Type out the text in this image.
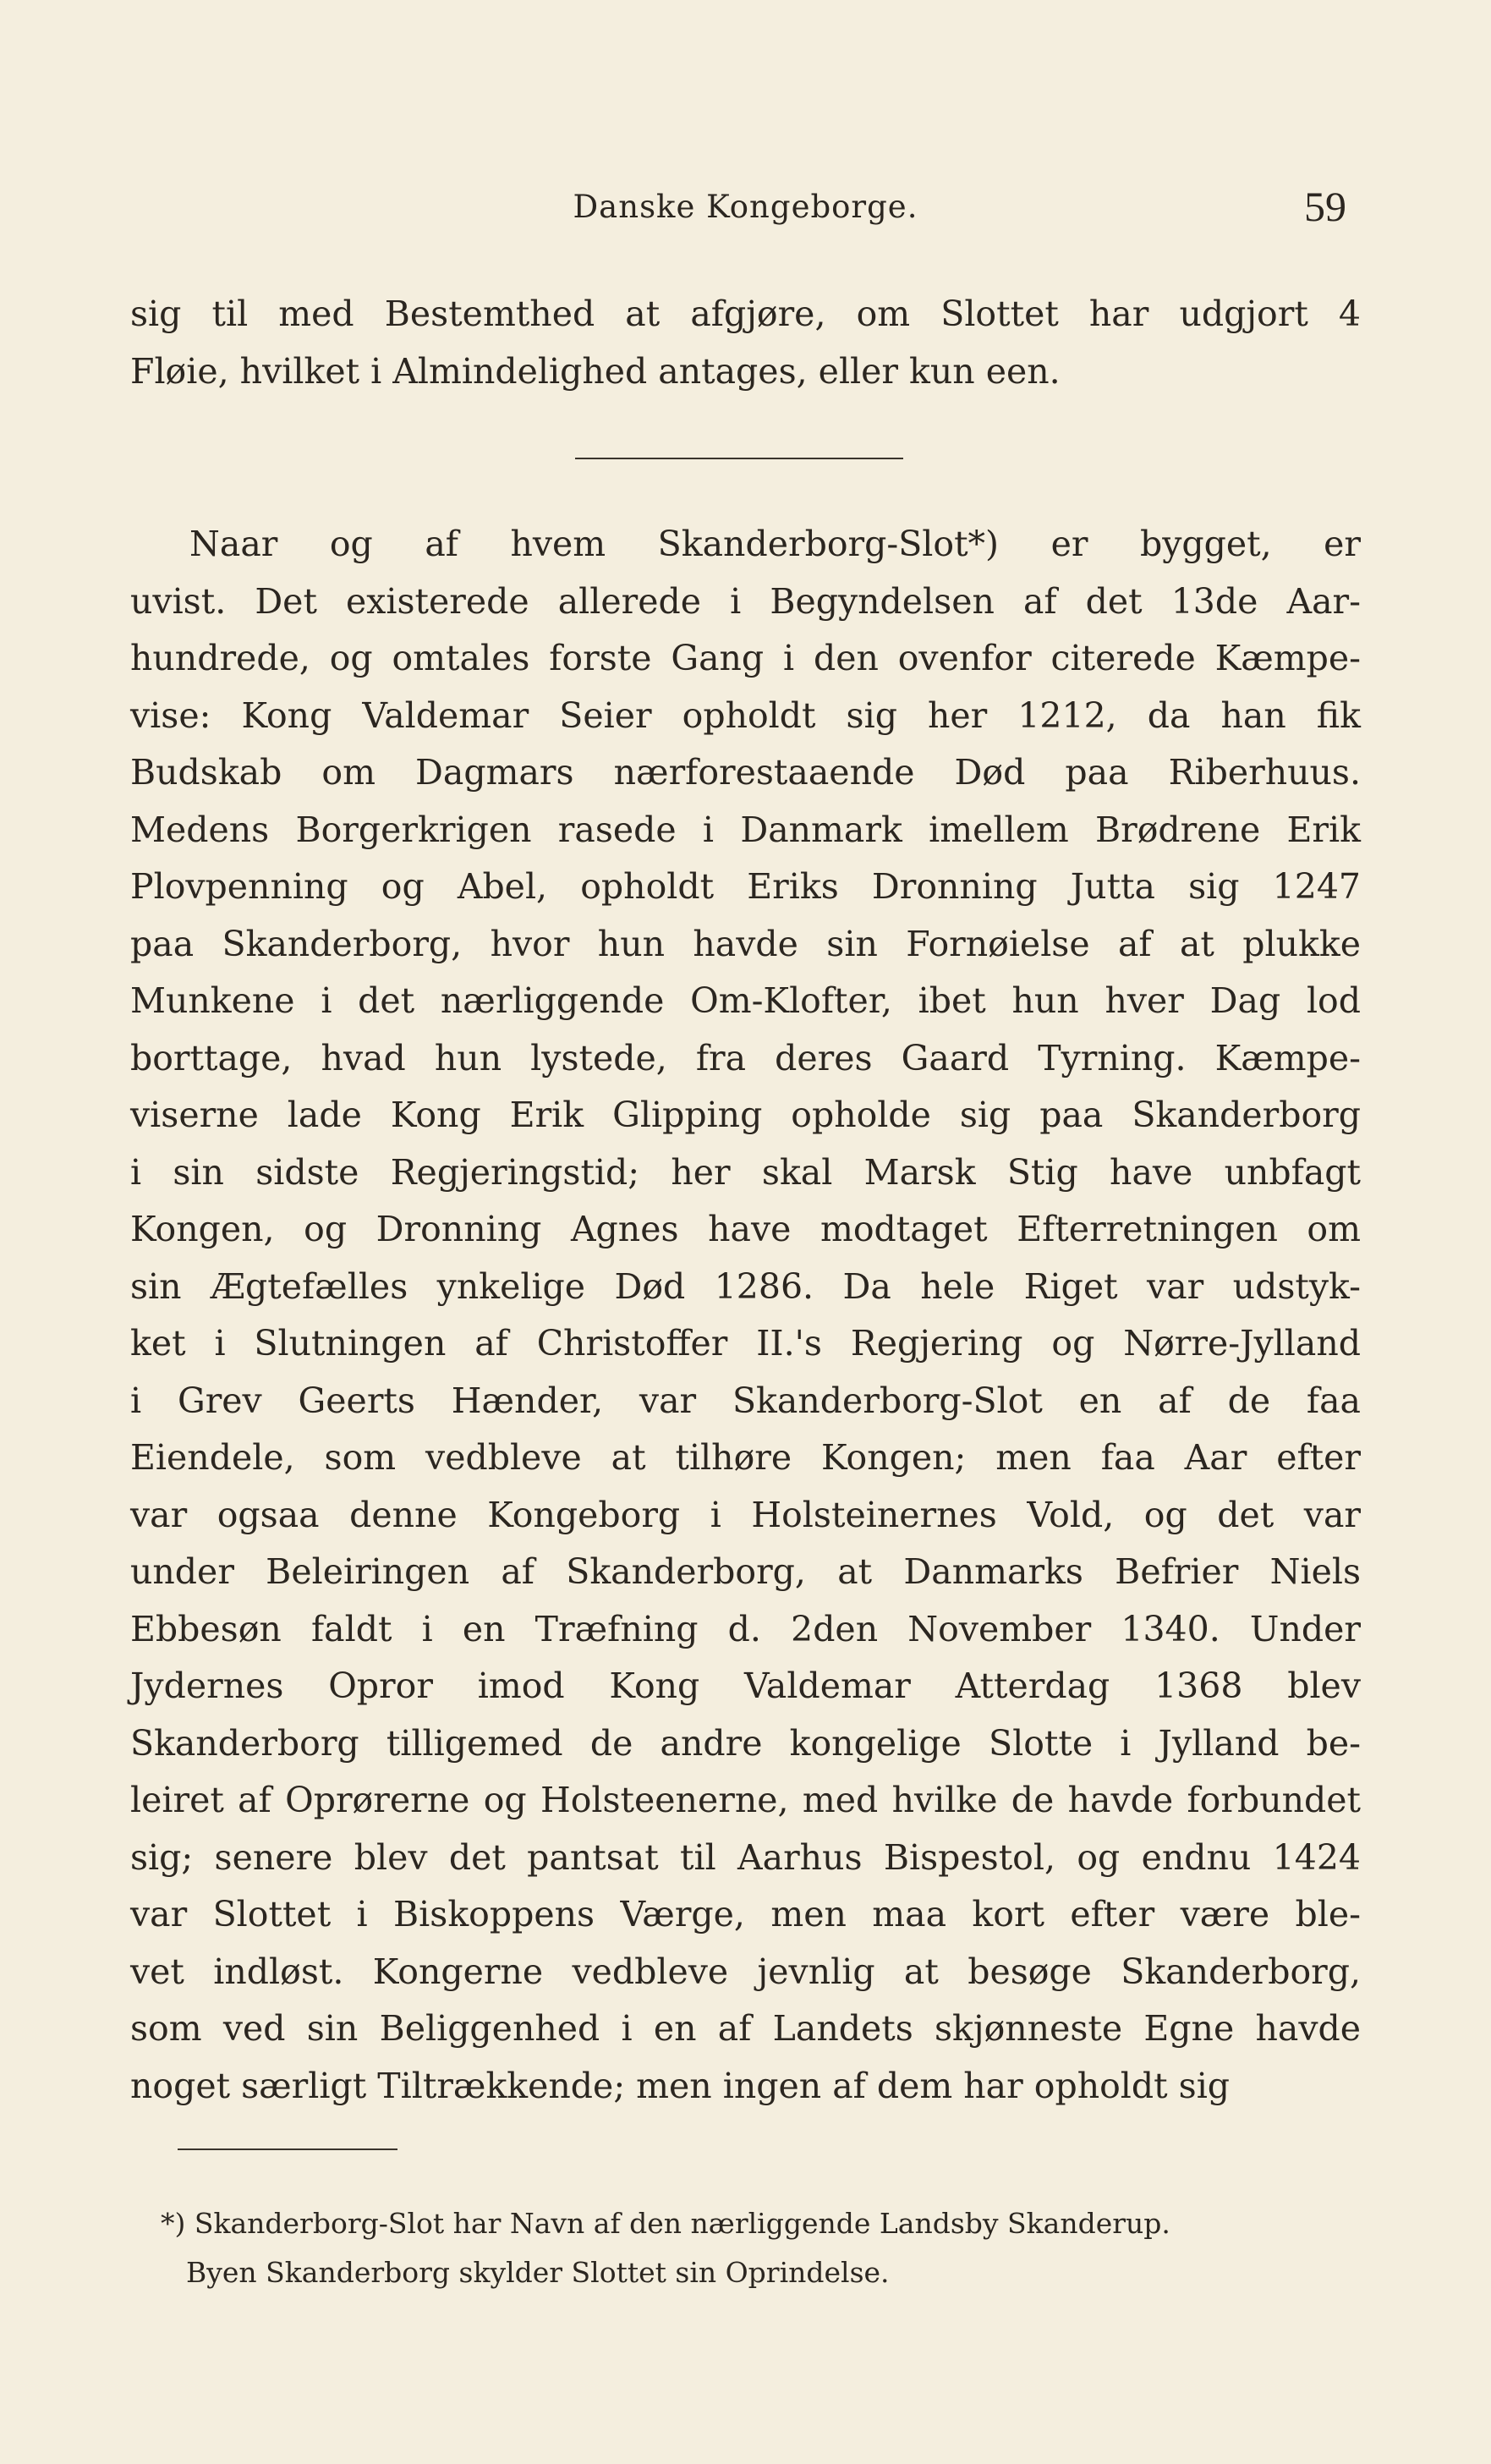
Danske Kongeborge.	59
sig til med Bestemthed at afgjøre, om Slottet har udgjort 4
Fløie, hvilket i Almindelighed antages, eller kun een.
Naar og af hvem Skanderborg-Slot*) er bygget, er
uvist. Det existerede allerede i Begyndelsen af det 13de Aar-
hundrede, og omtales forste Gang i den ovenfor citerede Kæmpe-
vise: Kong Valdemar Seier opholdt sig her 1212, da han fik
Budskab om Dagmars nærforestaaende Død paa Riberhuus.
Medens Borgerkrigen rasede i Danmark imellem Brødrene Erik
Plovpenning og Abel, opholdt Eriks Dronning Jutta sig 1247
paa Skanderborg, hvor hun havde sin Fornøielse af at plukke
Munkene i det nærliggende Om-Klofter, ibet hun hver Dag lod
borttage, hvad hun lystede, fra deres Gaard Tyrning. Kæmpe-
viserne lade Kong Erik Glipping opholde sig paa Skanderborg
i sin sidste Regjeringstid; her skal Marsk Stig have unbfagt
Kongen, og Dronning Agnes have modtaget Efterretningen om
sin Ægtefælles ynkelige Død 1286. Da hele Riget var udstyk-
ket i Slutningen af Christoffer II.'s Regjering og Nørre-Jylland
i Grev Geerts Hænder, var Skanderborg-Slot en af de faa
Eiendele, som vedbleve at tilhøre Kongen; men faa Aar efter
var ogsaa denne Kongeborg i Holsteinernes Vold, og det var
under Beleiringen af Skanderborg, at Danmarks Befrier Niels
Ebbesøn faldt i en Træfning d. 2den November 1340. Under
Jydernes Opror imod Kong Valdemar Atterdag 1368 blev
Skanderborg tilligemed de andre kongelige Slotte i Jylland be-
leiret af Oprørerne og Holsteenerne, med hvilke de havde forbundet
sig; senere blev det pantsat til Aarhus Bispestol, og endnu 1424
var Slottet i Biskoppens Værge, men maa kort efter være ble-
vet indløst. Kongerne vedbleve jevnlig at besøge Skanderborg,
som ved sin Beliggenhed i en af Landets skjønneste Egne havde
noget særligt Tiltrækkende; men ingen af dem har opholdt sig
*) Skanderborg-Slot har Navn af den nærliggende Landsby Skanderup.
Byen Skanderborg skylder Slottet sin Oprindelse.
